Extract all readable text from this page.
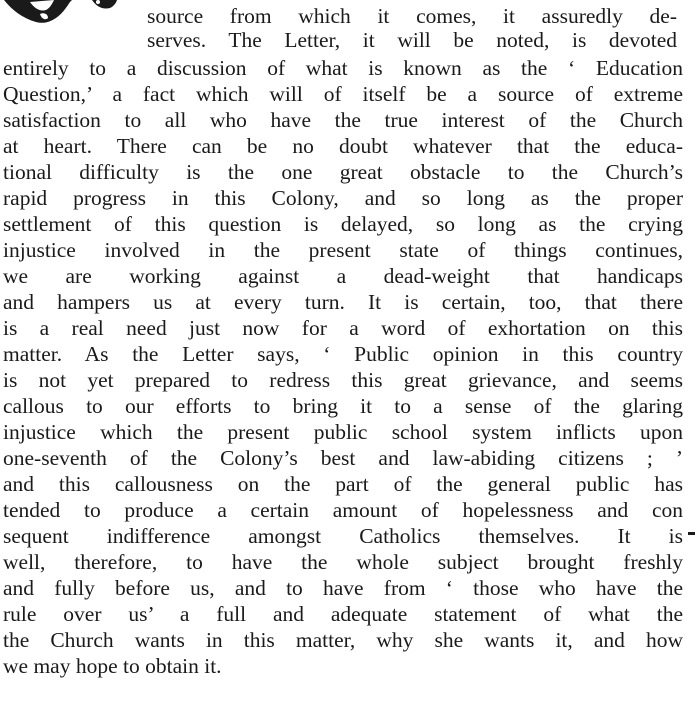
source from which it comes, it assuredly de-
serves. The Letter, it will be noted, is devoted
entirely to a discussion of what is known as the ‘ Education
Question,’ a fact which will of itself be a source of extreme
satisfaction to all who have the true interest of the Church
at heart. There can be no doubt whatever that the educa-
tional difficulty is the one great obstacle to the Church’s
rapid progress in this Colony, and so long as the proper
settlement of this question is delayed, so long as the crying
injustice involved in the present state of things continues,
we are working against a dead-weight that handicaps
and hampers us at every turn. It is certain, too, that there
is a real need just now for a word of exhortation on this
matter. As the Letter says, ‘ Public opinion in this country
is not yet prepared to redress this great grievance, and seems
callous to our efforts to bring it to a sense of the glaring
injustice which the present public school system inflicts upon
one-seventh of the Colony’s best and law-abiding citizens ; ’
and this callousness on the part of the general public has
tended to produce a certain amount of hopelessness and con
sequent indifference amongst Catholics themselves. It is
well, therefore, to have the whole subject brought freshly
and fully before us, and to have from ‘ those who have the
rule over us’ a full and adequate statement of what the
the Church wants in this matter, why she wants it, and how
we may hope to obtain it.
